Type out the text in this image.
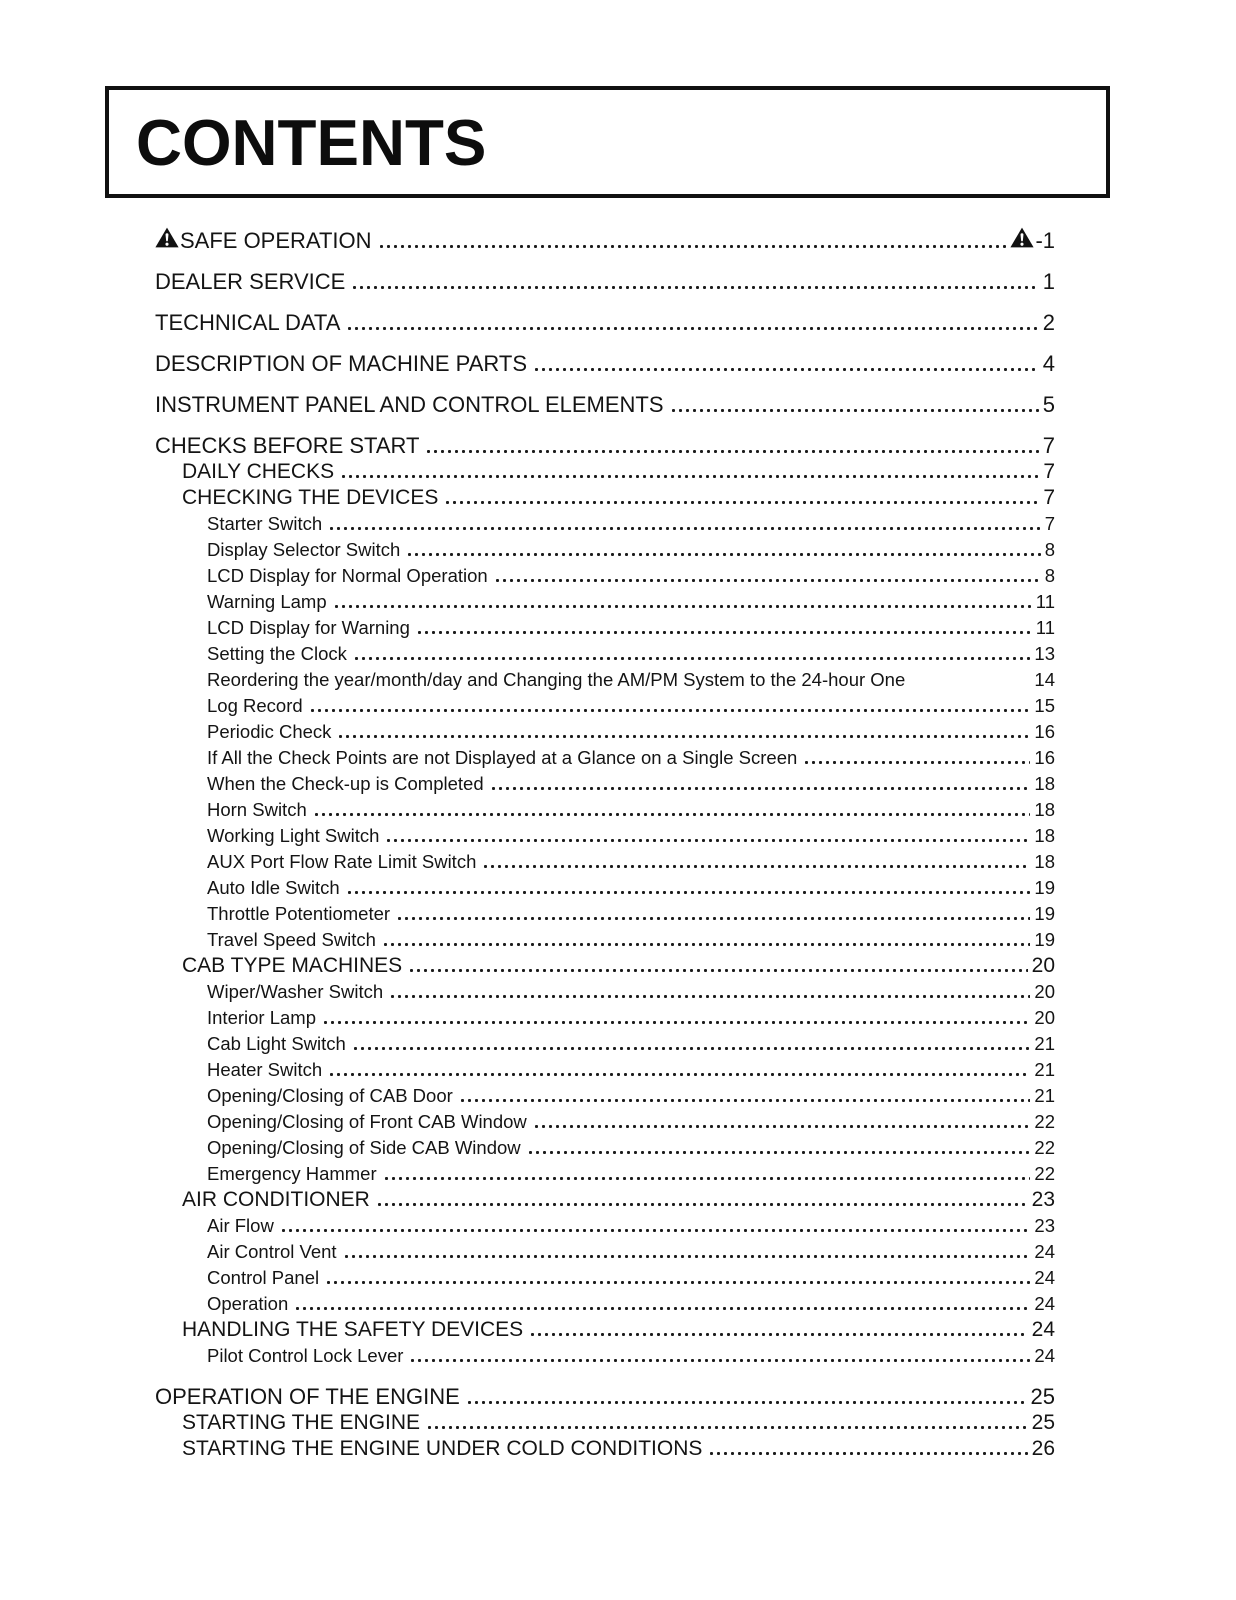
CONTENTS
SAFE OPERATION	-1
DEALER SERVICE	1
TECHNICAL DATA	2
DESCRIPTION OF MACHINE PARTS	4
INSTRUMENT PANEL AND CONTROL ELEMENTS	5
CHECKS BEFORE START	7
DAILY CHECKS	7
CHECKING THE DEVICES	7
Starter Switch	7
Display Selector Switch	8
LCD Display for Normal Operation	8
Warning Lamp	11
LCD Display for Warning	11
Setting the Clock	13
Reordering the year/month/day and Changing the AM/PM System to the 24-hour One	14
Log Record	15
Periodic Check	16
If All the Check Points are not Displayed at a Glance on a Single Screen	16
When the Check-up is Completed	18
Horn Switch	18
Working Light Switch	18
AUX Port Flow Rate Limit Switch	18
Auto Idle Switch	19
Throttle Potentiometer	19
Travel Speed Switch	19
CAB TYPE MACHINES	20
Wiper/Washer Switch	20
Interior Lamp	20
Cab Light Switch	21
Heater Switch	21
Opening/Closing of CAB Door	21
Opening/Closing of Front CAB Window	22
Opening/Closing of Side CAB Window	22
Emergency Hammer	22
AIR CONDITIONER	23
Air Flow	23
Air Control Vent	24
Control Panel	24
Operation	24
HANDLING THE SAFETY DEVICES	24
Pilot Control Lock Lever	24
OPERATION OF THE ENGINE	25
STARTING THE ENGINE	25
STARTING THE ENGINE UNDER COLD CONDITIONS	26
